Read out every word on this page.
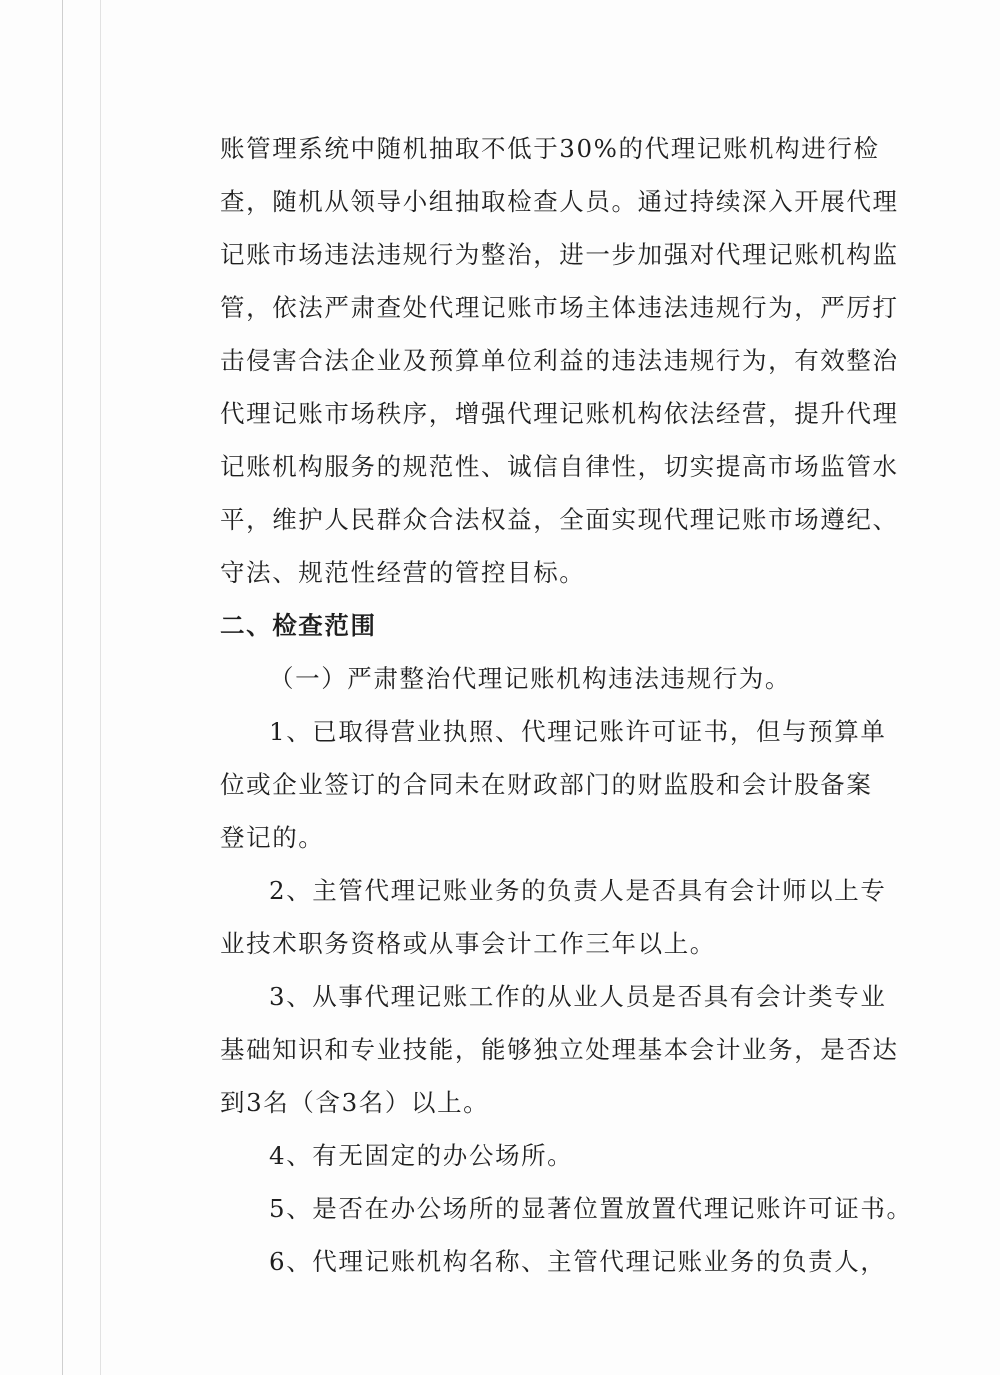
账管理系统中随机抽取不低于30%的代理记账机构进行检
查，随机从领导小组抽取检查人员。通过持续深入开展代理
记账市场违法违规行为整治，进一步加强对代理记账机构监
管，依法严肃查处代理记账市场主体违法违规行为，严厉打
击侵害合法企业及预算单位利益的违法违规行为，有效整治
代理记账市场秩序，增强代理记账机构依法经营，提升代理
记账机构服务的规范性、诚信自律性，切实提高市场监管水
平，维护人民群众合法权益，全面实现代理记账市场遵纪、
守法、规范性经营的管控目标。
二、检查范围
（一）严肃整治代理记账机构违法违规行为。
1、已取得营业执照、代理记账许可证书，但与预算单
位或企业签订的合同未在财政部门的财监股和会计股备案
登记的。
2、主管代理记账业务的负责人是否具有会计师以上专
业技术职务资格或从事会计工作三年以上。
3、从事代理记账工作的从业人员是否具有会计类专业
基础知识和专业技能，能够独立处理基本会计业务，是否达
到3名（含3名）以上。
4、有无固定的办公场所。
5、是否在办公场所的显著位置放置代理记账许可证书。
6、代理记账机构名称、主管代理记账业务的负责人，
